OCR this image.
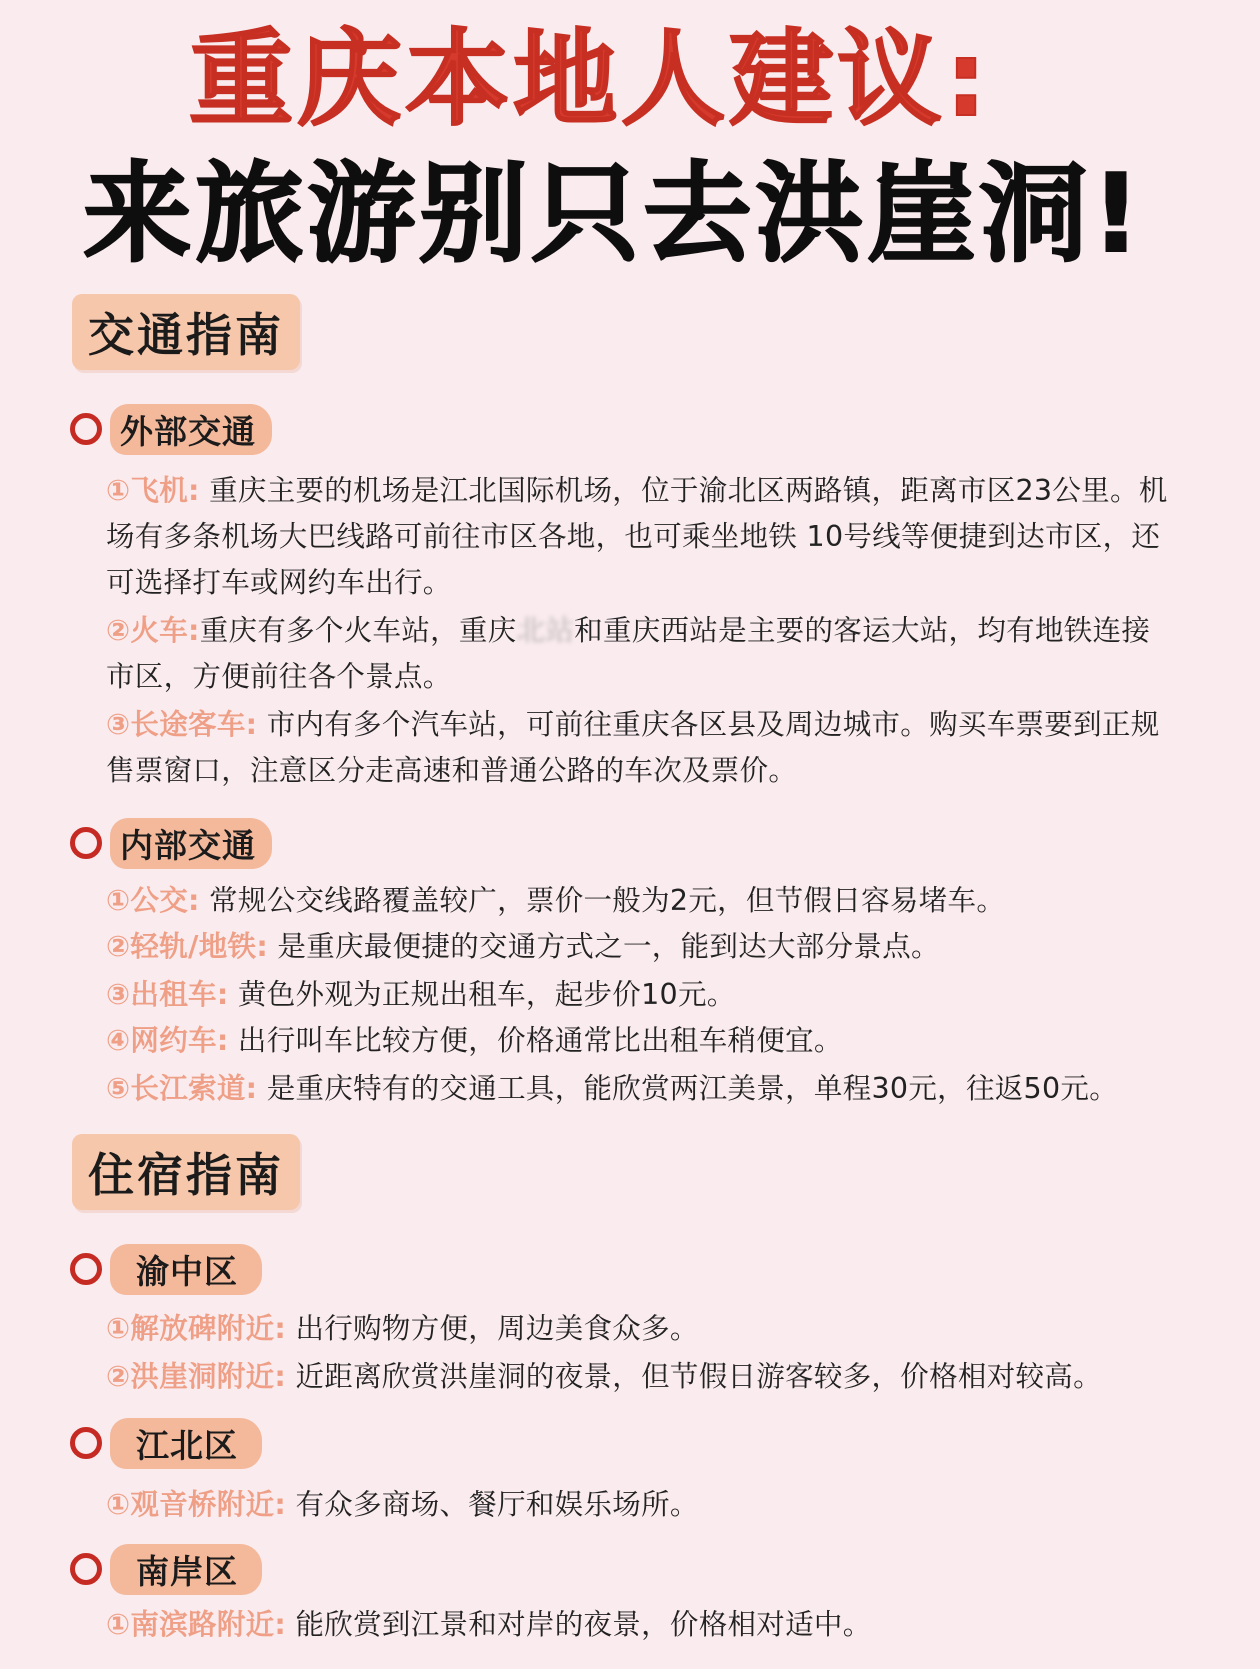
重庆本地人建议:
来旅游别只去洪崖洞!
交通指南
外部交通
①飞机: 重庆主要的机场是江北国际机场，位于渝北区两路镇，距离市区23公里。机场有多条机场大巴线路可前往市区各地，也可乘坐地铁 10号线等便捷到达市区，还可选择打车或网约车出行。
②火车:重庆有多个火车站，重庆北站和重庆西站是主要的客运大站，均有地铁连接市区，方便前往各个景点。
③长途客车: 市内有多个汽车站，可前往重庆各区县及周边城市。购买车票要到正规售票窗口，注意区分走高速和普通公路的车次及票价。
内部交通
①公交: 常规公交线路覆盖较广，票价一般为2元，但节假日容易堵车。
②轻轨/地铁: 是重庆最便捷的交通方式之一，能到达大部分景点。
③出租车: 黄色外观为正规出租车，起步价10元。
④网约车: 出行叫车比较方便，价格通常比出租车稍便宜。
⑤长江索道: 是重庆特有的交通工具，能欣赏两江美景，单程30元，往返50元。
住宿指南
渝中区
①解放碑附近: 出行购物方便，周边美食众多。
②洪崖洞附近: 近距离欣赏洪崖洞的夜景，但节假日游客较多，价格相对较高。
江北区
①观音桥附近: 有众多商场、餐厅和娱乐场所。
南岸区
①南滨路附近: 能欣赏到江景和对岸的夜景，价格相对适中。
